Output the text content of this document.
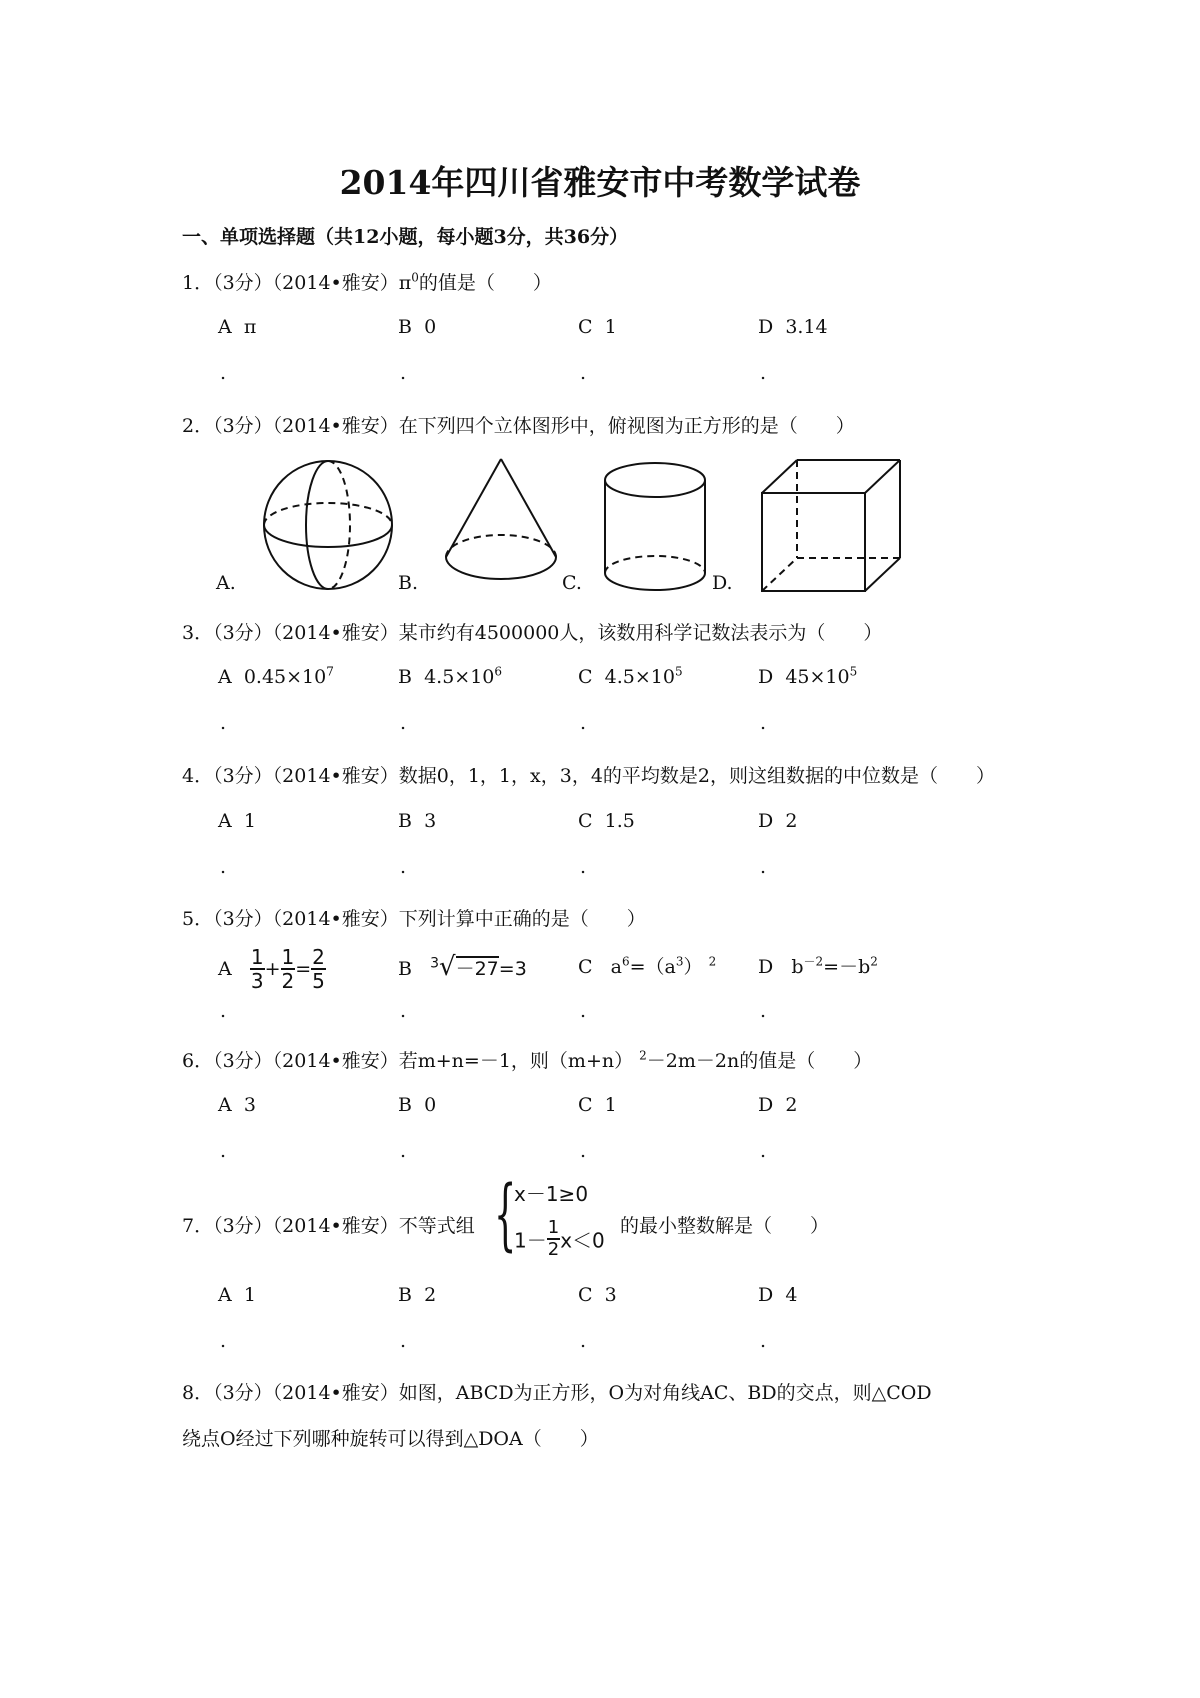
2014年四川省雅安市中考数学试卷
一、单项选择题（共12小题，每小题3分，共36分）
1．（3分）（2014•雅安）$\pi^0$的值是（　　）
A π	B 0	C 1	D 3.14
.	.	.	.
2．（3分）（2014•雅安）在下列四个立体图形中，俯视图为正方形的是（　　）
A.	B.	C.	D.
3．（3分）（2014•雅安）某市约有4500000人，该数用科学记数法表示为（　　）
A $0.45\times 10^7$	B $4.5\times 10^6$	C $4.5\times 10^5$	D $45\times 10^5$
.	.	.	.
4．（3分）（2014•雅安）数据0，1，1，x，3，4的平均数是2，则这组数据的中位数是（　　）
A 1	B 3	C 1.5	D 2
.	.	.	.
5．（3分）（2014•雅安）下列计算中正确的是（　　）
A $\frac{1}{3} + \frac{1}{2} = \frac{2}{5}$	B $^3$√－27=3	C $a^6=(a^3)$ $^2$ D $b^{-2}=-b^2$
.	.	.	.
6．（3分）（2014•雅安）若m+n=－1，则（m+n） $^2$－2m－2n的值是（　　）
A 3	B 0	C 1	D 2
.	.	.	.
7．（3分）（2014•雅安）不等式组 {
x－1≥0
$1- \frac{1}{2} x<0$
的最小整数解是（　　）
A 1	B 2	C 3	D 4
.	.	.	.
8．（3分）（2014•雅安）如图，ABCD为正方形，O为对角线AC、BD的交点，则△COD
绕点O经过下列哪种旋转可以得到△DOA（　　）
